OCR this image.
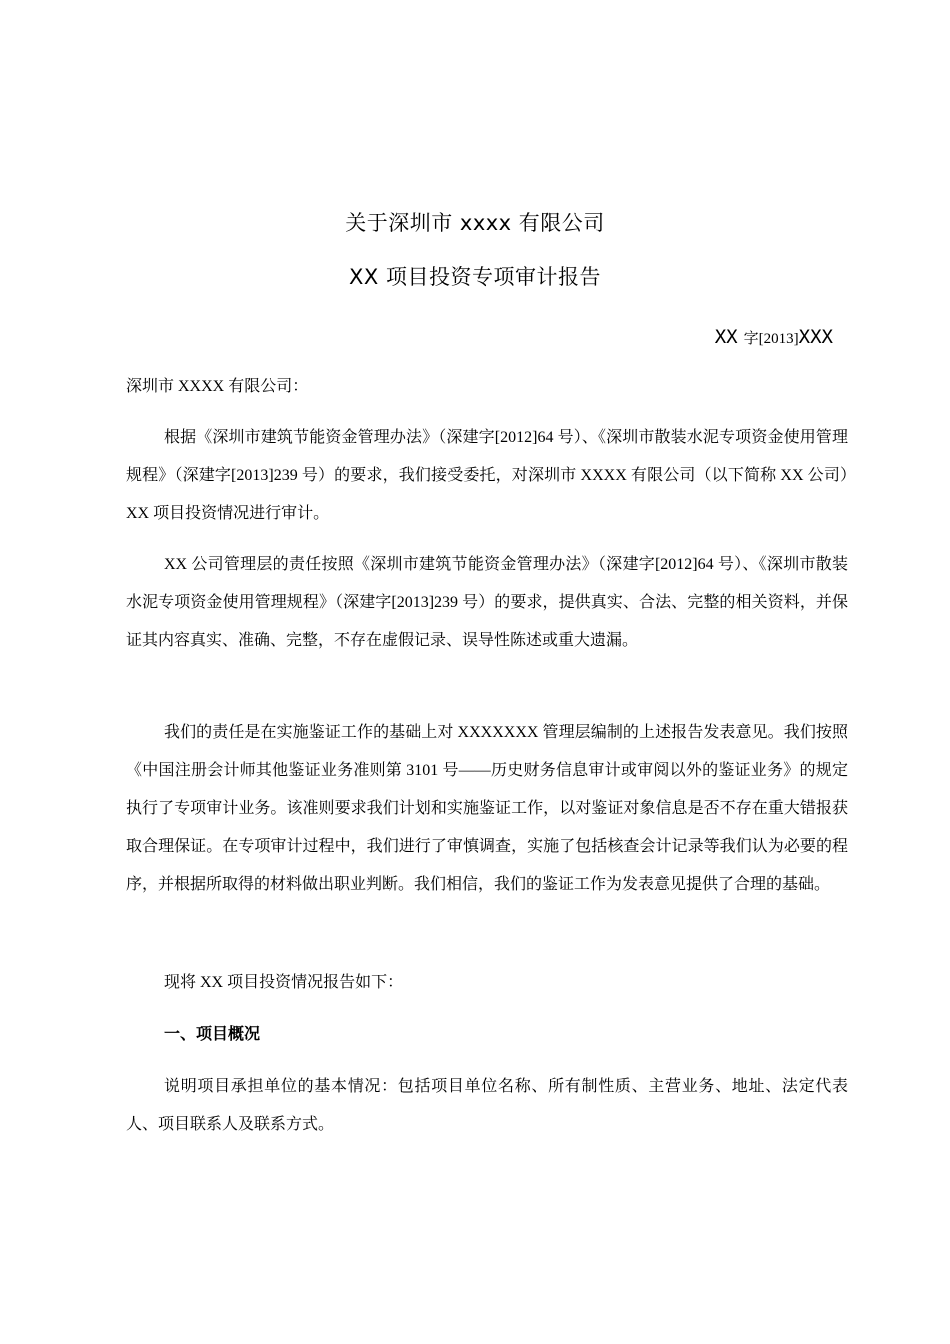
关于深圳市 xxxx 有限公司
XX 项目投资专项审计报告
XX 字[2013]XXX
深圳市 XXXX 有限公司：
根据《深圳市建筑节能资金管理办法》（深建字[2012]64 号）、《深圳市散装水泥专项资金使用管理规程》（深建字[2013]239 号）的要求，我们接受委托，对深圳市 XXXX 有限公司（以下简称 XX 公司）XX 项目投资情况进行审计。
XX 公司管理层的责任按照《深圳市建筑节能资金管理办法》（深建字[2012]64 号）、《深圳市散装水泥专项资金使用管理规程》（深建字[2013]239 号）的要求，提供真实、合法、完整的相关资料，并保证其内容真实、准确、完整，不存在虚假记录、误导性陈述或重大遗漏。
我们的责任是在实施鉴证工作的基础上对 XXXXXXX 管理层编制的上述报告发表意见。我们按照《中国注册会计师其他鉴证业务准则第 3101 号——历史财务信息审计或审阅以外的鉴证业务》的规定执行了专项审计业务。该准则要求我们计划和实施鉴证工作，以对鉴证对象信息是否不存在重大错报获取合理保证。在专项审计过程中，我们进行了审慎调查，实施了包括核查会计记录等我们认为必要的程序，并根据所取得的材料做出职业判断。我们相信，我们的鉴证工作为发表意见提供了合理的基础。
现将 XX 项目投资情况报告如下：
一、项目概况
说明项目承担单位的基本情况：包括项目单位名称、所有制性质、主营业务、地址、法定代表人、项目联系人及联系方式。
